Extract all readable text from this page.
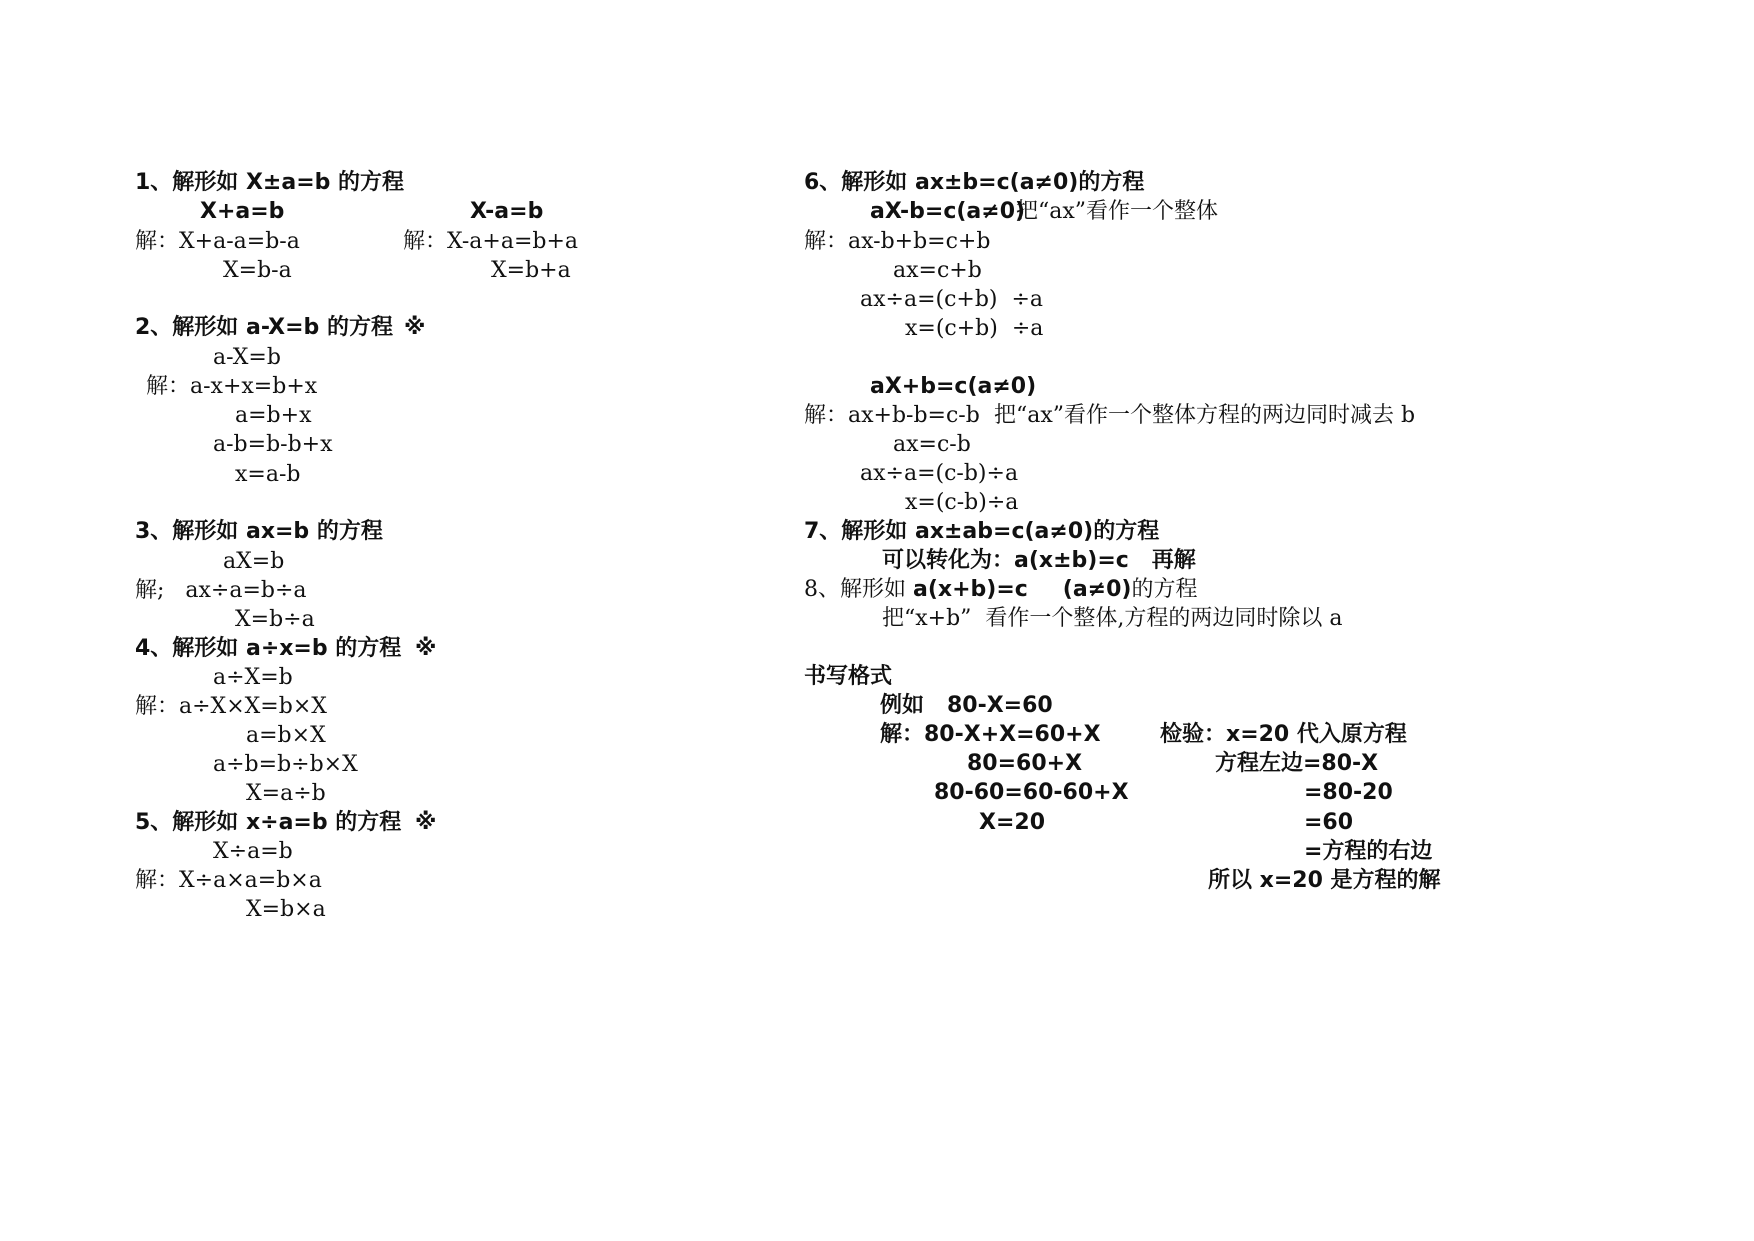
1、解形如 X±a=b 的方程
X+a=b
解：X+a-a=b-a
X=b-a
X-a=b
解：X-a+a=b+a
X=b+a
2、解形如 a-X=b 的方程 ※
a-X=b
解：a-x+x=b+x
a=b+x
a-b=b-b+x
x=a-b
3、解形如 ax=b 的方程
aX=b
解;   ax÷a=b÷a
X=b÷a
4、解形如 a÷x=b 的方程 ※
a÷X=b
解：a÷X×X=b×X
a=b×X
a÷b=b÷b×X
X=a÷b
5、解形如 x÷a=b 的方程 ※
X÷a=b
解：X÷a×a=b×a
X=b×a
6、解形如 ax±b=c(a≠0)的方程
aX-b=c(a≠0)
把“ax”看作一个整体
解：ax-b+b=c+b
ax=c+b
ax÷a=(c+b)  ÷a
x=(c+b)  ÷a
aX+b=c(a≠0)
解：ax+b-b=c-b 把“ax”看作一个整体方程的两边同时减去 b
ax=c-b
ax÷a=(c-b)÷a
x=(c-b)÷a
7、解形如 ax±ab=c(a≠0)的方程
可以转化为：a(x±b)=c   再解
8、解形如 a(x+b)=c (a≠0)的方程
把“x+b”  看作一个整体,方程的两边同时除以 a
书写格式
例如   80-X=60
解：80-X+X=60+X
80=60+X
80-60=60-60+X
X=20
检验：x=20 代入原方程
方程左边=80-X
=80-20
=60
=方程的右边
所以 x=20 是方程的解
